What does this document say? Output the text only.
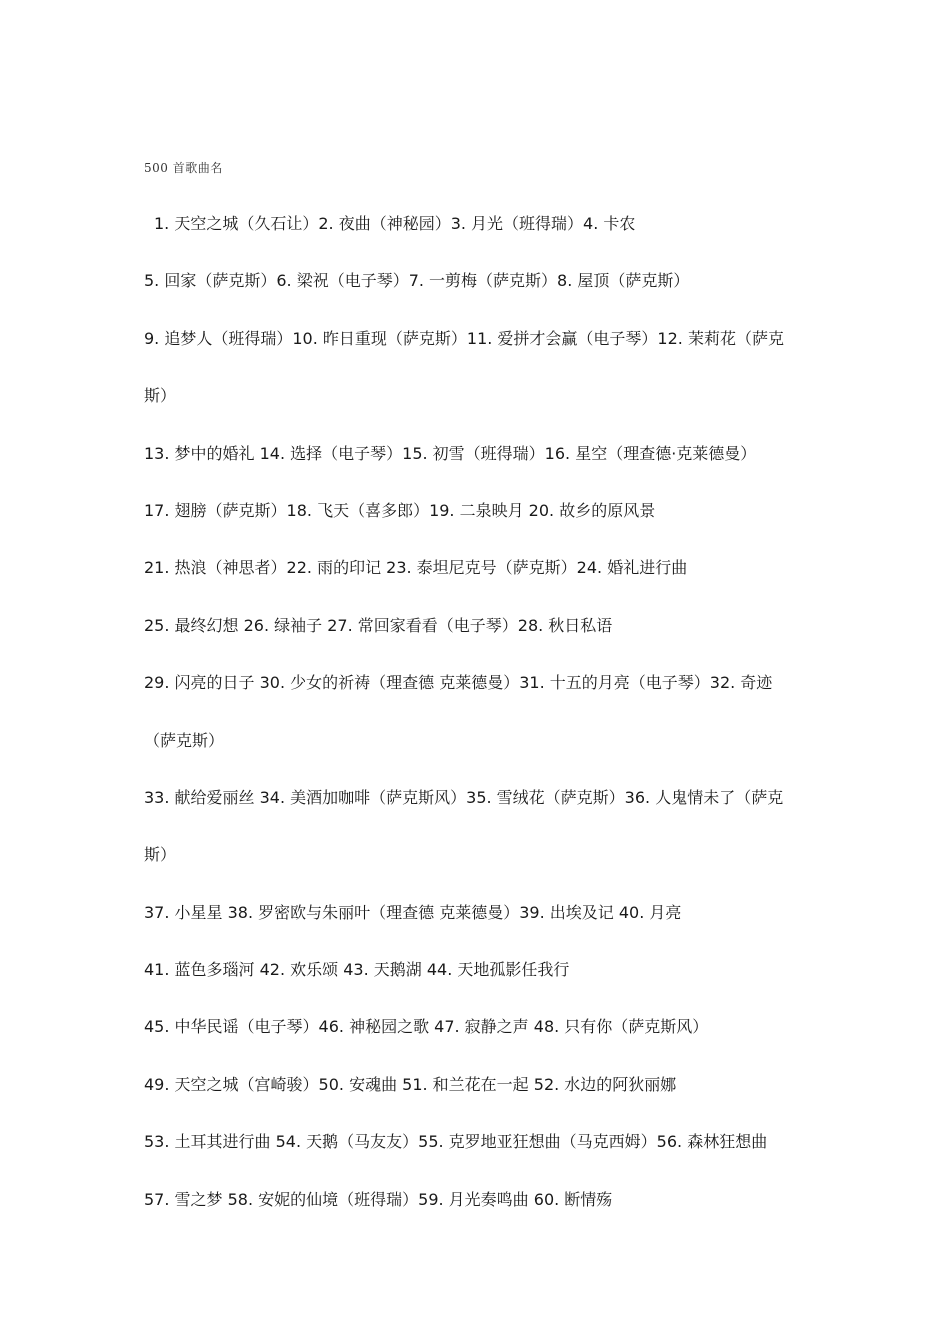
500 首歌曲名
1. 天空之城（久石让）2. 夜曲（神秘园）3. 月光（班得瑞）4. 卡农
5. 回家（萨克斯）6. 梁祝（电子琴）7. 一剪梅（萨克斯）8. 屋顶（萨克斯）
9. 追梦人（班得瑞）10. 昨日重现（萨克斯）11. 爱拼才会赢（电子琴）12. 茉莉花（萨克
斯）
13. 梦中的婚礼 14. 选择（电子琴）15. 初雪（班得瑞）16. 星空（理查德·克莱德曼）
17. 翅膀（萨克斯）18. 飞天（喜多郎）19. 二泉映月 20. 故乡的原风景
21. 热浪（神思者）22. 雨的印记 23. 泰坦尼克号（萨克斯）24. 婚礼进行曲
25. 最终幻想 26. 绿袖子 27. 常回家看看（电子琴）28. 秋日私语
29. 闪亮的日子 30. 少女的祈祷（理查德 克莱德曼）31. 十五的月亮（电子琴）32. 奇迹
（萨克斯）
33. 献给爱丽丝 34. 美酒加咖啡（萨克斯风）35. 雪绒花（萨克斯）36. 人鬼情未了（萨克
斯）
37. 小星星 38. 罗密欧与朱丽叶（理查德 克莱德曼）39. 出埃及记 40. 月亮
41. 蓝色多瑙河 42. 欢乐颂 43. 天鹅湖 44. 天地孤影任我行
45. 中华民谣（电子琴）46. 神秘园之歌 47. 寂静之声 48. 只有你（萨克斯风）
49. 天空之城（宫崎骏）50. 安魂曲 51. 和兰花在一起 52. 水边的阿狄丽娜
53. 土耳其进行曲 54. 天鹅（马友友）55. 克罗地亚狂想曲（马克西姆）56. 森林狂想曲
57. 雪之梦 58. 安妮的仙境（班得瑞）59. 月光奏鸣曲 60. 断情殇
